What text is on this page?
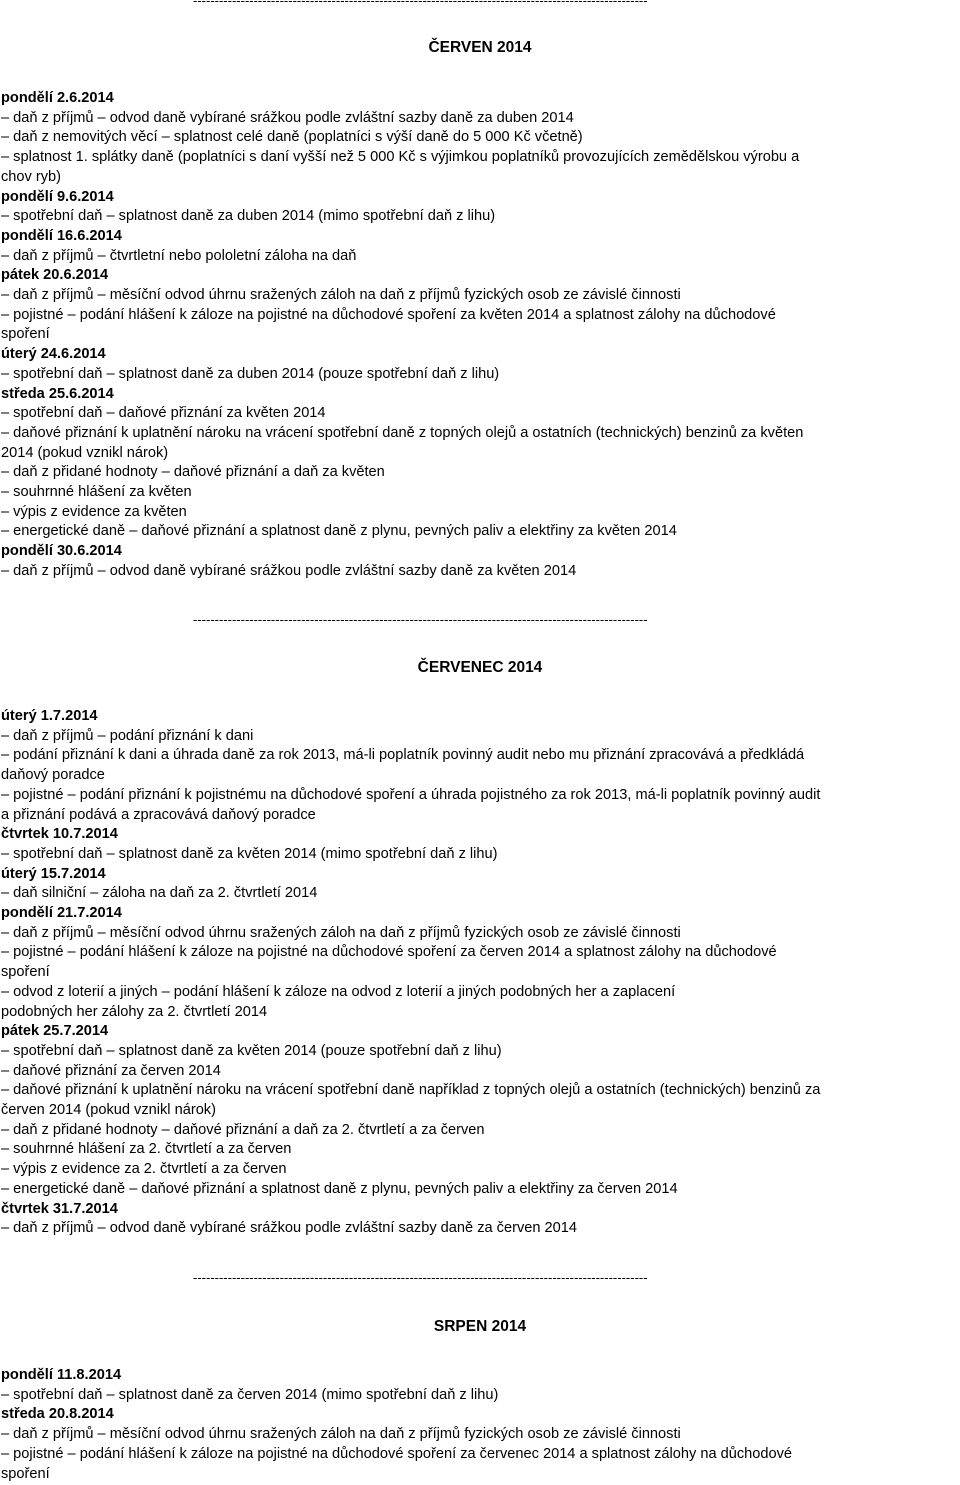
---------------------------------------------------------------------------------------------------------
ČERVEN 2014

pondělí 2.6.2014

– daň z příjmů – odvod daně vybírané srážkou podle zvláštní sazby daně za duben 2014

– daň z nemovitých věcí – splatnost celé daně (poplatníci s výší daně do 5 000 Kč včetně)

– splatnost 1. splátky daně (poplatníci s daní vyšší než 5 000 Kč s výjimkou poplatníků provozujících zemědělskou výrobu a

chov ryb)

pondělí 9.6.2014

– spotřební daň – splatnost daně za duben 2014 (mimo spotřební daň z lihu)

pondělí 16.6.2014

– daň z příjmů – čtvrtletní nebo pololetní záloha na daň

pátek 20.6.2014

– daň z příjmů – měsíční odvod úhrnu sražených záloh na daň z příjmů fyzických osob ze závislé činnosti

– pojistné – podání hlášení k záloze na pojistné na důchodové spoření za květen 2014 a splatnost zálohy na důchodové

spoření

úterý 24.6.2014

– spotřební daň – splatnost daně za duben 2014 (pouze spotřební daň z lihu)

středa 25.6.2014

– spotřební daň – daňové přiznání za květen 2014

– daňové přiznání k uplatnění nároku na vrácení spotřební daně z topných olejů a ostatních (technických) benzinů za květen

2014 (pokud vznikl nárok)

– daň z přidané hodnoty – daňové přiznání a daň za květen

– souhrnné hlášení za květen

– výpis z evidence za květen

– energetické daně – daňové přiznání a splatnost daně z plynu, pevných paliv a elektřiny za květen 2014

pondělí 30.6.2014

– daň z příjmů – odvod daně vybírané srážkou podle zvláštní sazby daně za květen 2014

---------------------------------------------------------------------------------------------------------
ČERVENEC 2014

úterý 1.7.2014

– daň z příjmů – podání přiznání k dani

– podání přiznání k dani a úhrada daně za rok 2013, má-li poplatník povinný audit nebo mu přiznání zpracovává a předkládá

daňový poradce

– pojistné – podání přiznání k pojistnému na důchodové spoření a úhrada pojistného za rok 2013, má-li poplatník povinný audit

a přiznání podává a zpracovává daňový poradce

čtvrtek 10.7.2014

– spotřební daň – splatnost daně za květen 2014 (mimo spotřební daň z lihu)

úterý 15.7.2014

– daň silniční – záloha na daň za 2. čtvrtletí 2014

pondělí 21.7.2014

– daň z příjmů – měsíční odvod úhrnu sražených záloh na daň z příjmů fyzických osob ze závislé činnosti

– pojistné – podání hlášení k záloze na pojistné na důchodové spoření za červen 2014 a splatnost zálohy na důchodové

spoření

– odvod z loterií a jiných – podání hlášení k záloze na odvod z loterií a jiných podobných her a zaplacení

podobných her zálohy za 2. čtvrtletí 2014

pátek 25.7.2014

– spotřební daň – splatnost daně za květen 2014 (pouze spotřební daň z lihu)

– daňové přiznání za červen 2014

– daňové přiznání k uplatnění nároku na vrácení spotřební daně například z topných olejů a ostatních (technických) benzinů za

červen 2014 (pokud vznikl nárok)

– daň z přidané hodnoty – daňové přiznání a daň za 2. čtvrtletí a za červen

– souhrnné hlášení za 2. čtvrtletí a za červen

– výpis z evidence za 2. čtvrtletí a za červen

– energetické daně – daňové přiznání a splatnost daně z plynu, pevných paliv a elektřiny za červen 2014

čtvrtek 31.7.2014

– daň z příjmů – odvod daně vybírané srážkou podle zvláštní sazby daně za červen 2014

---------------------------------------------------------------------------------------------------------
SRPEN 2014

pondělí 11.8.2014

– spotřební daň – splatnost daně za červen 2014 (mimo spotřební daň z lihu)

středa 20.8.2014

– daň z příjmů – měsíční odvod úhrnu sražených záloh na daň z příjmů fyzických osob ze závislé činnosti

– pojistné – podání hlášení k záloze na pojistné na důchodové spoření za červenec 2014 a splatnost zálohy na důchodové

spoření
